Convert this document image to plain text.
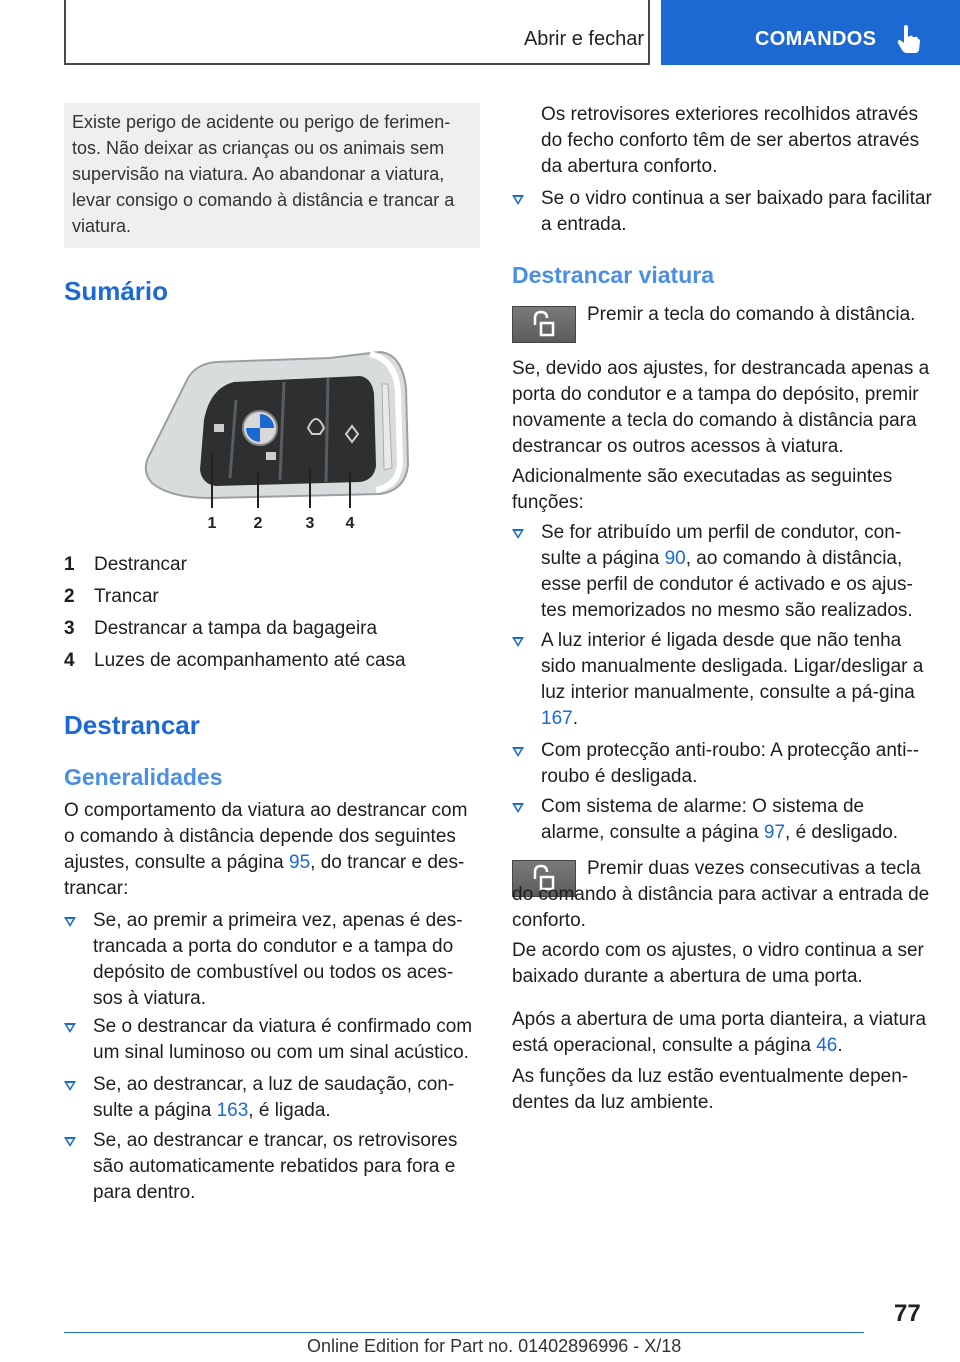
Abrir e fechar	COMANDOS
Existe perigo de acidente ou perigo de ferimen-tos. Não deixar as crianças ou os animais sem supervisão na viatura. Ao abandonar a viatura, levar consigo o comando à distância e trancar a viatura.
Sumário
1 2	3 4
1 Destrancar
2 Trancar
3 Destrancar a tampa da bagageira
4 Luzes de acompanhamento até casa
Destrancar
Generalidades
O comportamento da viatura ao destrancar com o comando à distância depende dos seguintes ajustes, consulte a página 95, do trancar e des-trancar:
Se, ao premir a primeira vez, apenas é des-trancada a porta do condutor e a tampa do depósito de combustível ou todos os aces-sos à viatura.
Se o destrancar da viatura é confirmado com um sinal luminoso ou com um sinal acústico.
Se, ao destrancar, a luz de saudação, con-sulte a página 163, é ligada.
Se, ao destrancar e trancar, os retrovisores são automaticamente rebatidos para fora e para dentro.
Os retrovisores exteriores recolhidos através do fecho conforto têm de ser abertos através da abertura conforto.
Se o vidro continua a ser baixado para facilitar a entrada.
Destrancar viatura
Premir a tecla do comando à distância.
Se, devido aos ajustes, for destrancada apenas a porta do condutor e a tampa do depósito, premir novamente a tecla do comando à distância para destrancar os outros acessos à viatura.
Adicionalmente são executadas as seguintes funções:
Se for atribuído um perfil de condutor, con-sulte a página 90, ao comando à distância, esse perfil de condutor é activado e os ajus-tes memorizados no mesmo são realizados.
A luz interior é ligada desde que não tenha sido manualmente desligada. Ligar/desligar a luz interior manualmente, consulte a pá-gina 167.
Com protecção anti-roubo: A protecção anti--roubo é desligada.
Com sistema de alarme: O sistema de alarme, consulte a página 97, é desligado.
Premir duas vezes consecutivas a tecla do comando à distância para activar a entrada de conforto.
De acordo com os ajustes, o vidro continua a ser baixado durante a abertura de uma porta.
Após a abertura de uma porta dianteira, a viatura está operacional, consulte a página 46.
As funções da luz estão eventualmente depen-dentes da luz ambiente.
77
Online Edition for Part no. 01402896996 - X/18
